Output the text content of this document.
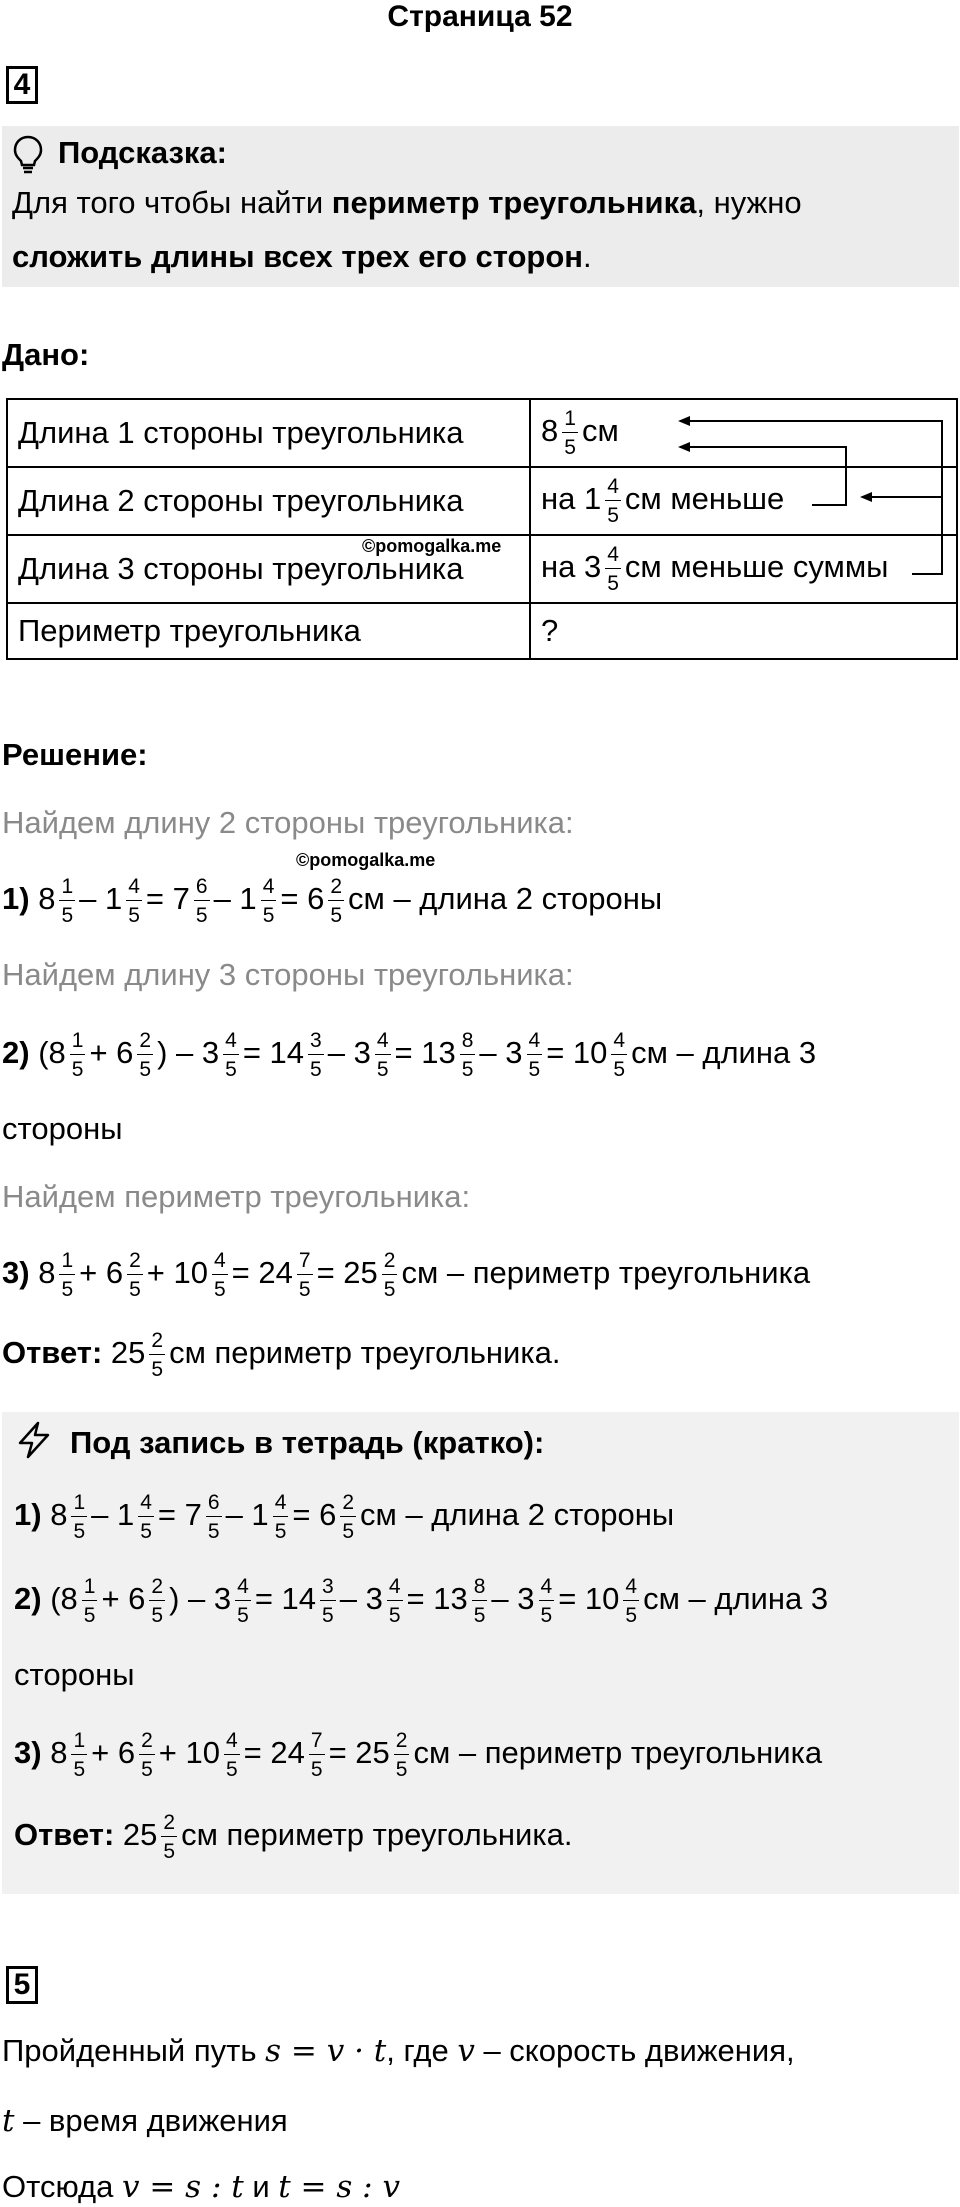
Страница 52
4
Подсказка:
Для того чтобы найти периметр треугольника, нужно
сложить длины всех трех его сторон.
Дано:
Длина 1 стороны треугольника	$8 \frac{1}{5}$ см
Длина 2 стороны треугольника	на $1 \frac{4}{5}$ см меньше
Длина 3 стороны треугольника	на $3 \frac{4}{5}$ см меньше суммы
Периметр треугольника	?
©pomogalka.me
Решение:
Найдем длину 2 стороны треугольника:
©pomogalka.me
1) $8 \frac{1}{5} - 1 \frac{4}{5} = 7 \frac{6}{5} - 1 \frac{4}{5} = 6 \frac{2}{5}$ см – длина 2 стороны
Найдем длину 3 стороны треугольника:
2) ($8 \frac{1}{5} + 6 \frac{2}{5}$ ) – $3 \frac{4}{5} = 14 \frac{3}{5} - 3 \frac{4}{5} = 13 \frac{8}{5} - 3 \frac{4}{5} = 10 \frac{4}{5}$ см – длина 3
стороны
Найдем периметр треугольника:
3) $8 \frac{1}{5} + 6 \frac{2}{5} + 10 \frac{4}{5} = 24 \frac{7}{5} = 25 \frac{2}{5}$ см – периметр треугольника
Ответ: $25 \frac{2}{5}$ см периметр треугольника.
Под запись в тетрадь (кратко):
1) $8 \frac{1}{5} - 1 \frac{4}{5} = 7 \frac{6}{5} - 1 \frac{4}{5} = 6 \frac{2}{5}$ см – длина 2 стороны
2) ($8 \frac{1}{5} + 6 \frac{2}{5}$ ) – $3 \frac{4}{5} = 14 \frac{3}{5} - 3 \frac{4}{5} = 13 \frac{8}{5} - 3 \frac{4}{5} = 10 \frac{4}{5}$ см – длина 3
стороны
3) $8 \frac{1}{5} + 6 \frac{2}{5} + 10 \frac{4}{5} = 24 \frac{7}{5} = 25 \frac{2}{5}$ см – периметр треугольника
Ответ: $25 \frac{2}{5}$ см периметр треугольника.
5
Пройденный путь s = v · t, где v – скорость движения,
t – время движения
Отсюда v = s : t и t = s : v
